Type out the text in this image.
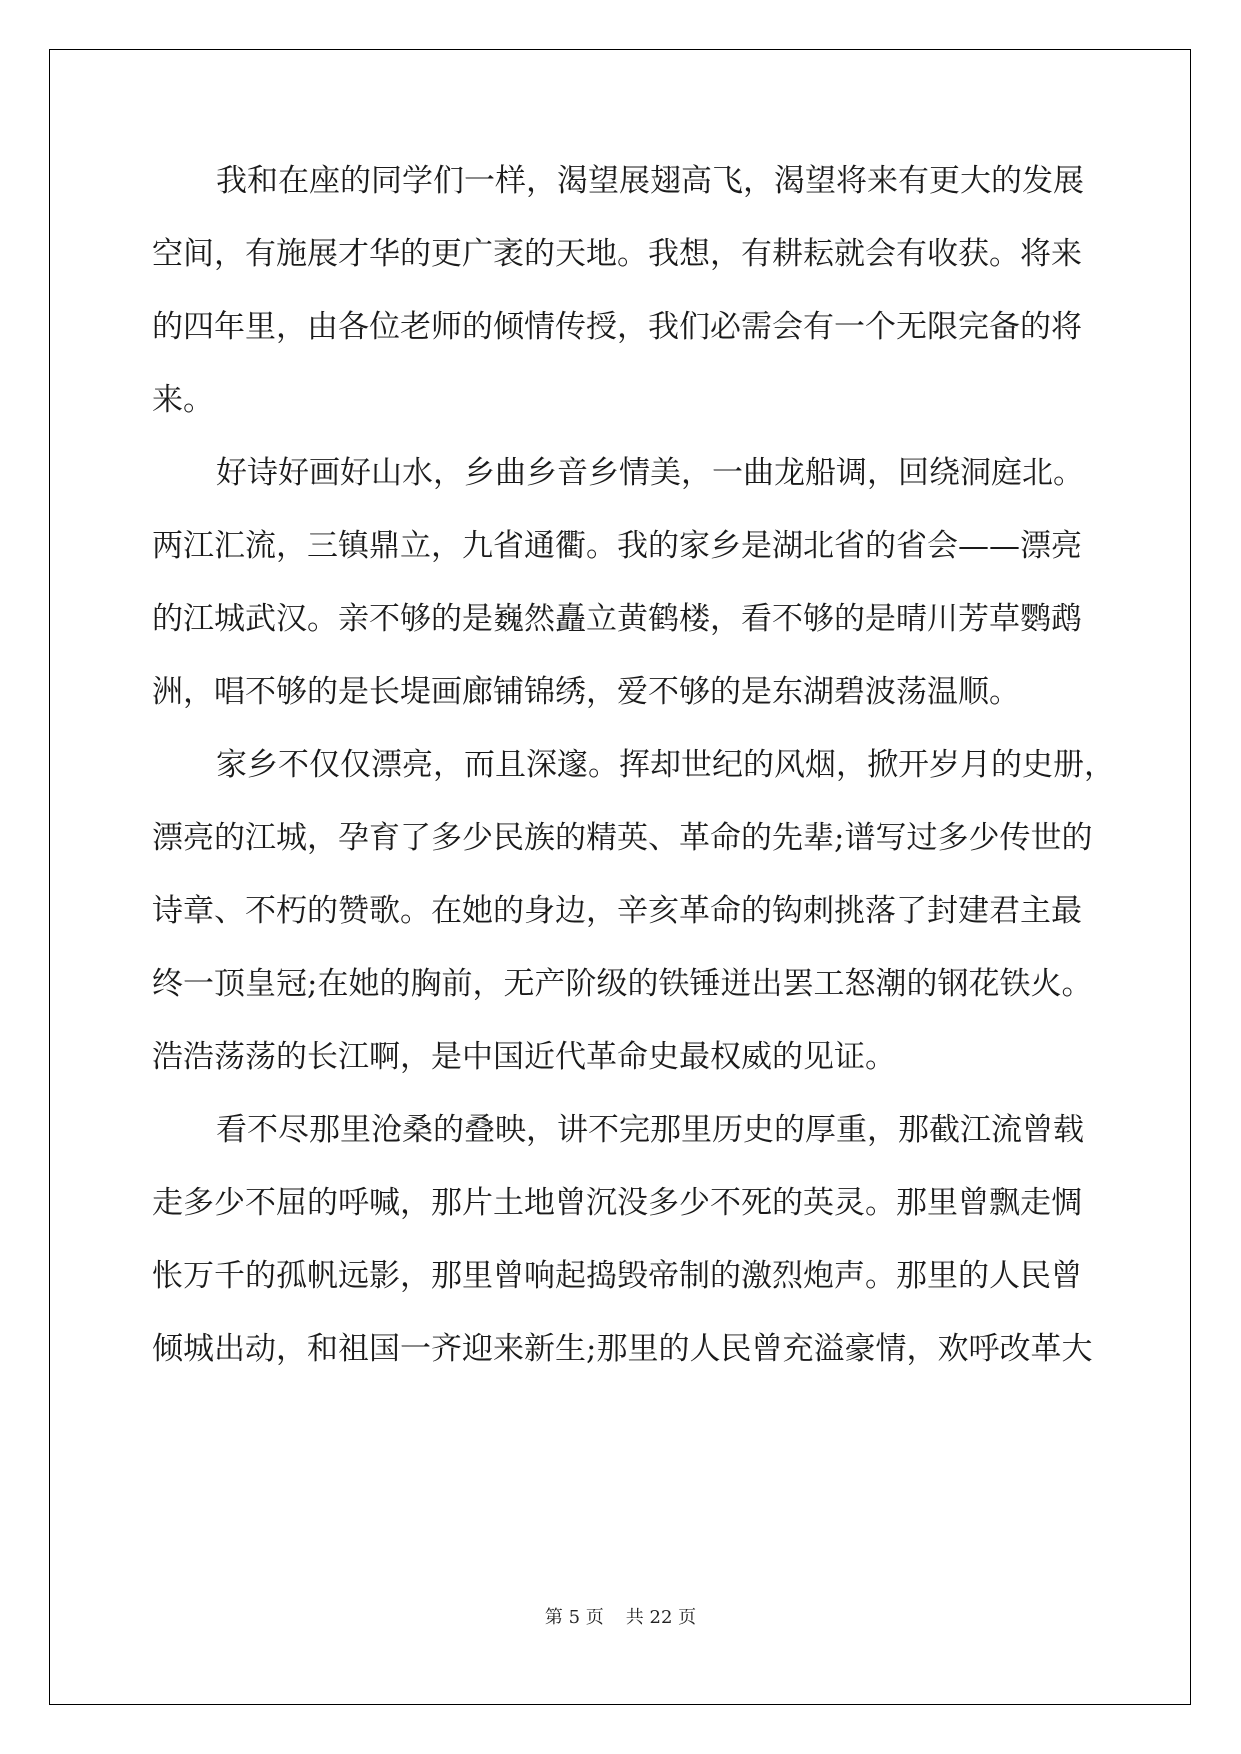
我和在座的同学们一样，渴望展翅高飞，渴望将来有更大的发展
空间，有施展才华的更广袤的天地。我想，有耕耘就会有收获。将来
的四年里，由各位老师的倾情传授，我们必需会有一个无限完备的将
来。
好诗好画好山水，乡曲乡音乡情美，一曲龙船调，回绕洞庭北。
两江汇流，三镇鼎立，九省通衢。我的家乡是湖北省的省会——漂亮
的江城武汉。亲不够的是巍然矗立黄鹤楼，看不够的是晴川芳草鹦鹉
洲，唱不够的是长堤画廊铺锦绣，爱不够的是东湖碧波荡温顺。
家乡不仅仅漂亮，而且深邃。挥却世纪的风烟，掀开岁月的史册，
漂亮的江城，孕育了多少民族的精英、革命的先辈;谱写过多少传世的
诗章、不朽的赞歌。在她的身边，辛亥革命的钩刺挑落了封建君主最
终一顶皇冠;在她的胸前，无产阶级的铁锤迸出罢工怒潮的钢花铁火。
浩浩荡荡的长江啊，是中国近代革命史最权威的见证。
看不尽那里沧桑的叠映，讲不完那里历史的厚重，那截江流曾载
走多少不屈的呼喊，那片土地曾沉没多少不死的英灵。那里曾飘走惆
怅万千的孤帆远影，那里曾响起捣毁帝制的激烈炮声。那里的人民曾
倾城出动，和祖国一齐迎来新生;那里的人民曾充溢豪情，欢呼改革大
第 5 页 共 22 页
